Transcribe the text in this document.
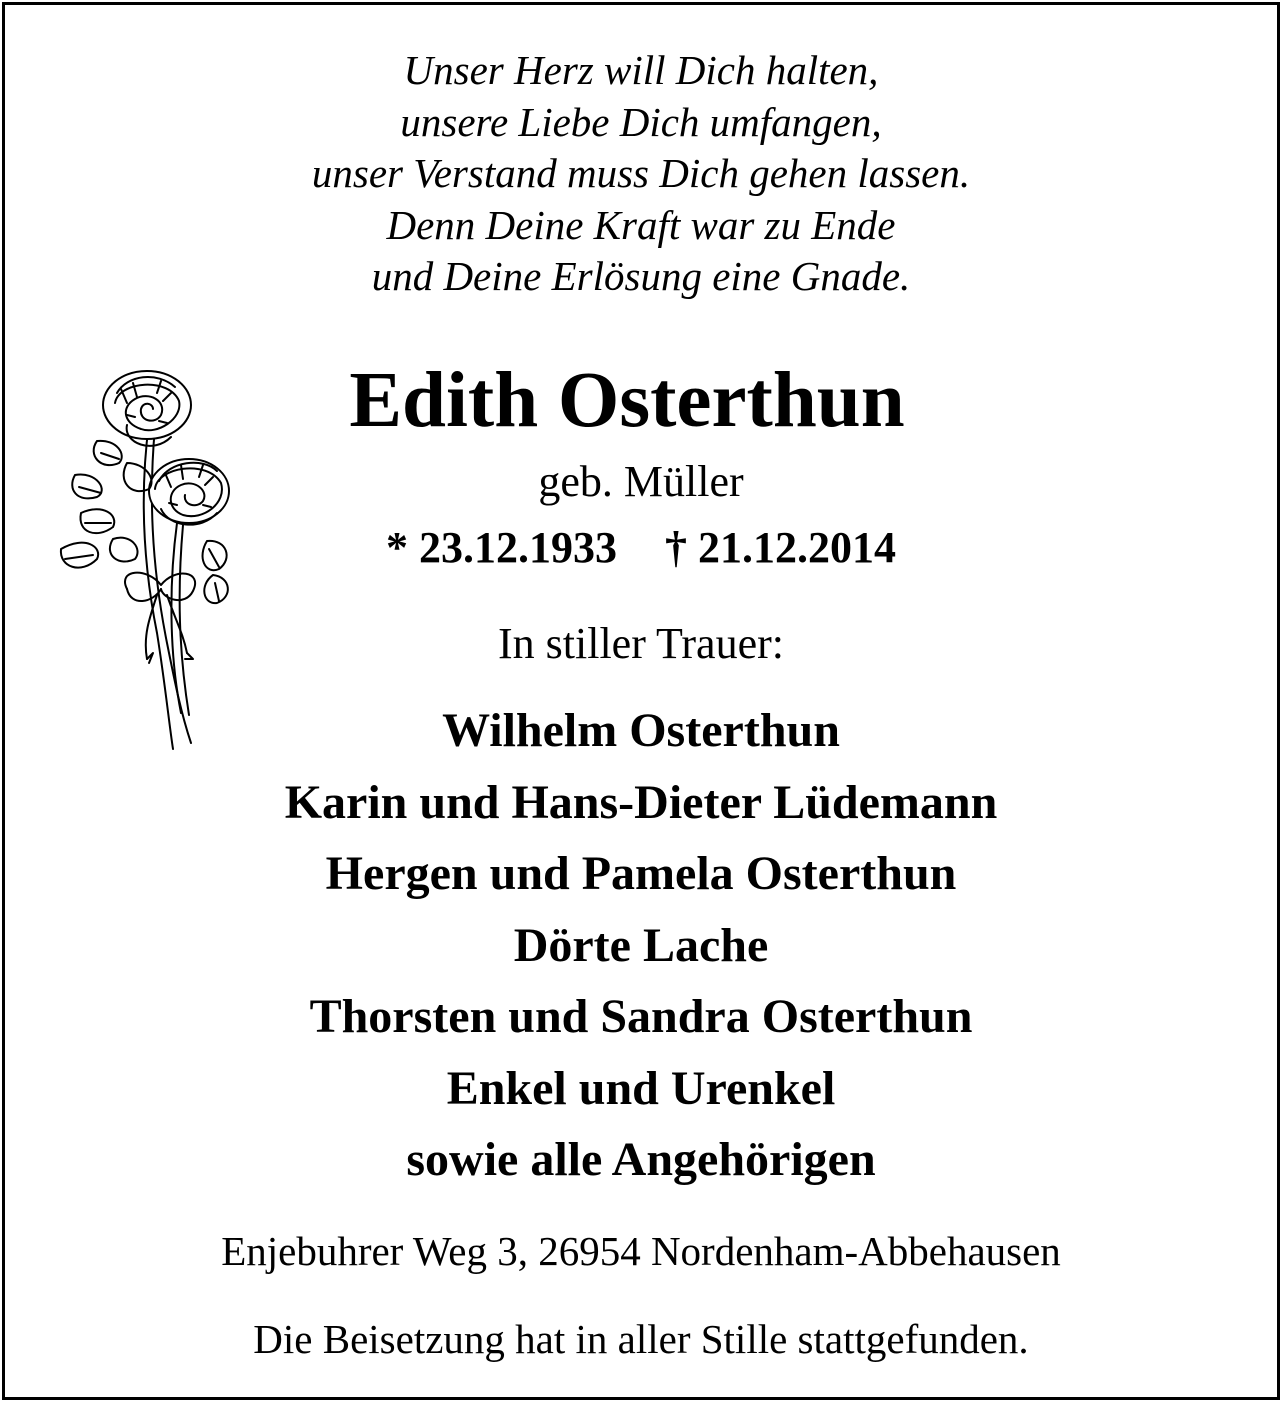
Unser Herz will Dich halten,
unsere Liebe Dich umfangen,
unser Verstand muss Dich gehen lassen.
Denn Deine Kraft war zu Ende
und Deine Erlösung eine Gnade.
Edith Osterthun
geb. Müller
* 23.12.1933 † 21.12.2014
In stiller Trauer:
Wilhelm Osterthun
Karin und Hans-Dieter Lüdemann
Hergen und Pamela Osterthun
Dörte Lache
Thorsten und Sandra Osterthun
Enkel und Urenkel
sowie alle Angehörigen
Enjebuhrer Weg 3, 26954 Nordenham-Abbehausen
Die Beisetzung hat in aller Stille stattgefunden.
